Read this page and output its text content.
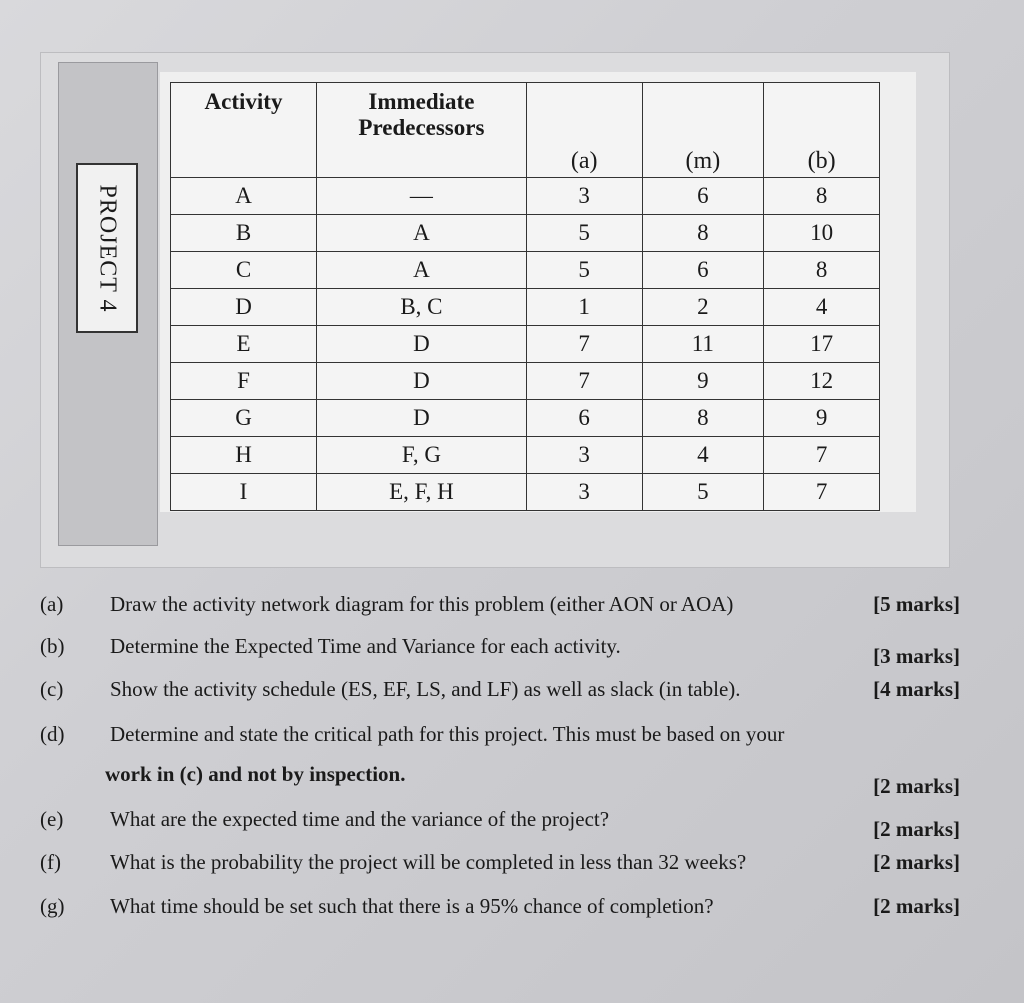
PROJECT 4
Activity	Immediate Predecessors	(a)	(m)	(b)
A	—	3	6	8
B	A	5	8	10
C	A	5	6	8
D	B, C	1	2	4
E	D	7	11	17
F	D	7	9	12
G	D	6	8	9
H	F, G	3	4	7
I	E, F, H	3	5	7
(a) Draw the activity network diagram for this problem (either AON or AOA)	[5 marks]
(b) Determine the Expected Time and Variance for each activity.	[3 marks]
(c) Show the activity schedule (ES, EF, LS, and LF) as well as slack (in table).	[4 marks]
(d) Determine and state the critical path for this project. This must be based on your
[2 marks]
work in (c) and not by inspection.
(e) What are the expected time and the variance of the project?	[2 marks]
(f) What is the probability the project will be completed in less than 32 weeks?	[2 marks]
(g) What time should be set such that there is a 95% chance of completion?	[2 marks]
